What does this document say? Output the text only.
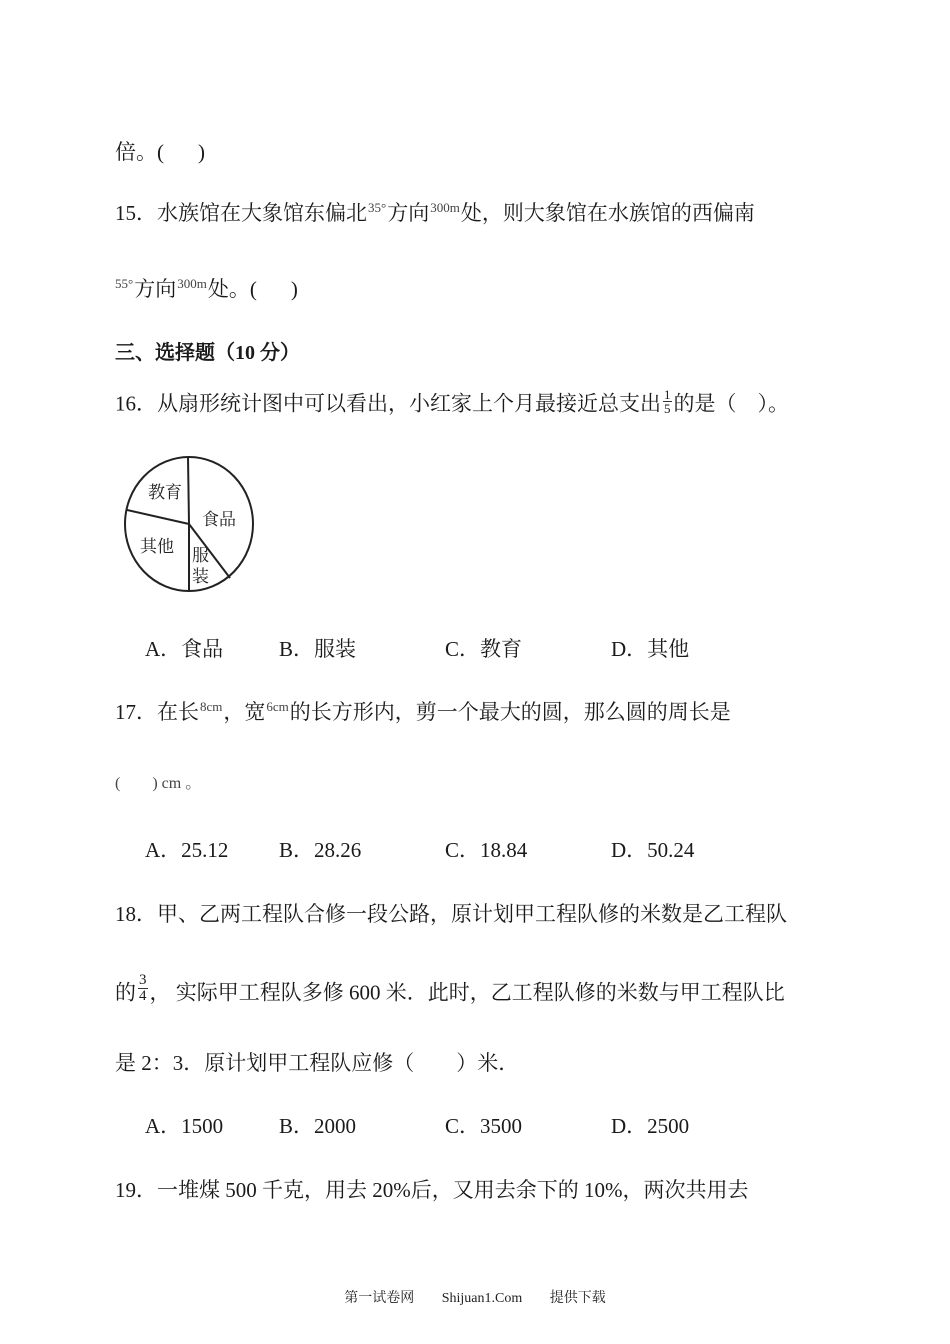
倍。( )
15．水族馆在大象馆东偏北$^{35^\circ}$方向$^{300m}$处，则大象馆在水族馆的西偏南
$^{55^\circ}$方向$^{300m}$处。( )
三、选择题（10 分）
16．从扇形统计图中可以看出，小红家上个月最接近总支出 $\frac{1}{5}$ 的是（　）。
教育
食品
其他 服
装
A．食品	B．服装	C．教育	D．其他
17．在长$^{8cm}$，宽$^{6cm}$的长方形内，剪一个最大的圆，那么圆的周长是
(　　) cm 。
A．25.12 B．28.26	C．18.84	D．50.24
18．甲、乙两工程队合修一段公路，原计划甲工程队修的米数是乙工程队
的 $\frac{3}{4}$ ， 实际甲工程队多修 600 米．此时，乙工程队修的米数与甲工程队比
是 2：3．原计划甲工程队应修（　　）米．
A．1500	B．2000	C．3500	D．2500
19．一堆煤 500 千克，用去 20%后，又用去余下的 10%，两次共用去
第一试卷网 Shijuan1.Com 提供下载
